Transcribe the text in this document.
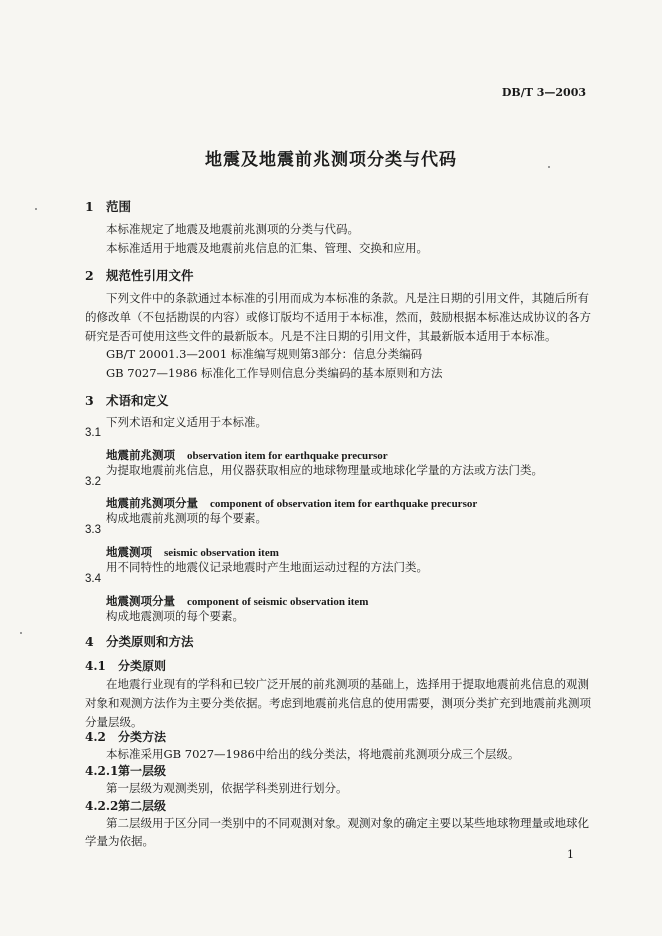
DB/T 3—2003
地震及地震前兆测项分类与代码
1 范围
本标准规定了地震及地震前兆测项的分类与代码。
本标准适用于地震及地震前兆信息的汇集、管理、交换和应用。
2 规范性引用文件
下列文件中的条款通过本标准的引用而成为本标准的条款。凡是注日期的引用文件，其随后所有
的修改单（不包括勘误的内容）或修订版均不适用于本标准，然而，鼓励根据本标准达成协议的各方
研究是否可使用这些文件的最新版本。凡是不注日期的引用文件，其最新版本适用于本标准。
GB/T 20001.3—2001 标准编写规则第3部分：信息分类编码
GB 7027—1986 标准化工作导则信息分类编码的基本原则和方法
3 术语和定义
下列术语和定义适用于本标准。
3.1
地震前兆测项 observation item for earthquake precursor
为提取地震前兆信息，用仪器获取相应的地球物理量或地球化学量的方法或方法门类。
3.2
地震前兆测项分量 component of observation item for earthquake precursor
构成地震前兆测项的每个要素。
3.3
地震测项 seismic observation item
用不同特性的地震仪记录地震时产生地面运动过程的方法门类。
3.4
地震测项分量 component of seismic observation item
构成地震测项的每个要素。
4 分类原则和方法
4.1 分类原则
在地震行业现有的学科和已较广泛开展的前兆测项的基础上，选择用于提取地震前兆信息的观测
对象和观测方法作为主要分类依据。考虑到地震前兆信息的使用需要，测项分类扩充到地震前兆测项
分量层级。
4.2 分类方法
本标准采用GB 7027—1986中给出的线分类法，将地震前兆测项分成三个层级。
4.2.1第一层级
第一层级为观测类别，依据学科类别进行划分。
4.2.2第二层级
第二层级用于区分同一类别中的不同观测对象。观测对象的确定主要以某些地球物理量或地球化
学量为依据。
1
